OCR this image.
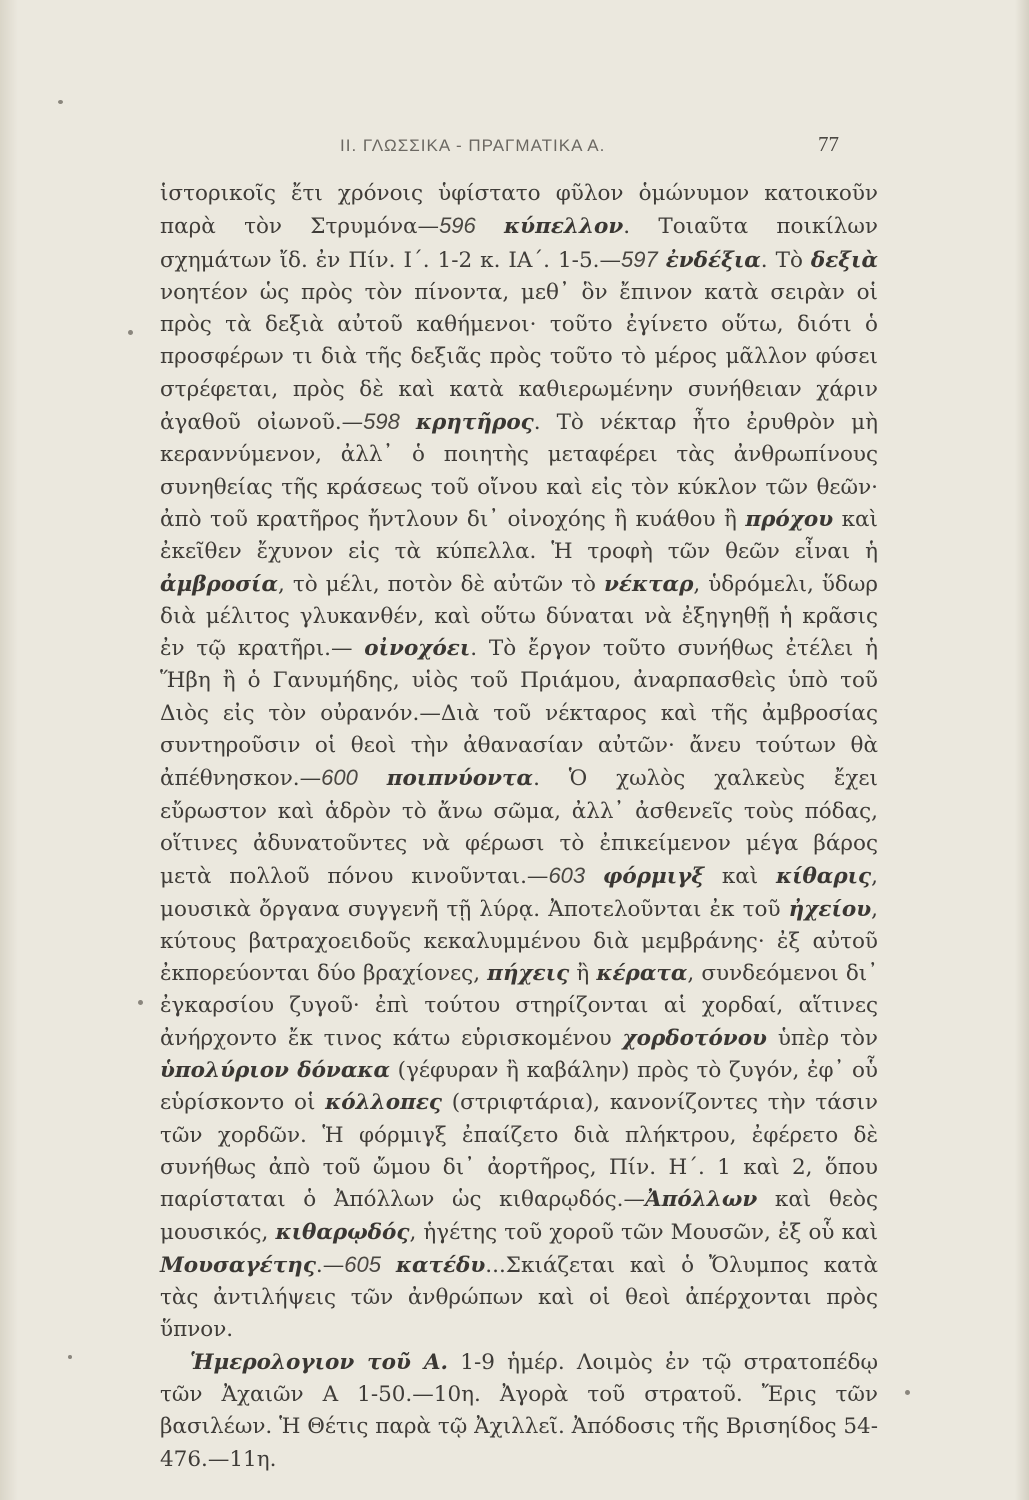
II. ΓΛΩΣΣΙΚΑ - ΠΡΑΓΜΑΤΙΚΑ Α.	77

ἱστορικοῖς ἔτι χρόνοις ὑφίστατο φῦλον ὁμώνυμον κατοικοῦν παρὰ τὸν Στρυμόνα—596 κύπελλον. Τοιαῦτα ποικίλων σχημάτων ἴδ. ἐν Πίν. Ι΄. 1-2 κ. ΙΑ΄. 1-5.—597 ἐνδέξια. Τὸ δεξιὰ νοητέον ὡς πρὸς τὸν πίνοντα, μεθ᾿ ὃν ἔπινον κατὰ σειρὰν οἱ πρὸς τὰ δεξιὰ αὐτοῦ καθήμενοι· τοῦτο ἐγίνετο οὕτω, διότι ὁ προσφέρων τι διὰ τῆς δεξιᾶς πρὸς τοῦτο τὸ μέρος μᾶλλον φύσει στρέφεται, πρὸς δὲ καὶ κατὰ καθιερωμένην συνήθειαν χάριν ἀγαθοῦ οἰωνοῦ.—598 κρητῆρος. Τὸ νέκταρ ἦτο ἐρυθρὸν μὴ κεραννύμενον, ἀλλ᾿ ὁ ποιητὴς μεταφέρει τὰς ἀνθρωπίνους συνηθείας τῆς κράσεως τοῦ οἴνου καὶ εἰς τὸν κύκλον τῶν θεῶν· ἀπὸ τοῦ κρατῆρος ἤντλουν δι᾿ οἰνοχόης ἢ κυάθου ἢ πρόχου καὶ ἐκεῖθεν ἔχυνον εἰς τὰ κύπελλα. Ἡ τροφὴ τῶν θεῶν εἶναι ἡ ἀμβροσία, τὸ μέλι, ποτὸν δὲ αὐτῶν τὸ νέκταρ, ὑδρόμελι, ὕδωρ διὰ μέλιτος γλυκανθέν, καὶ οὕτω δύναται νὰ ἐξηγηθῇ ἡ κρᾶσις ἐν τῷ κρατῆρι.— οἰνοχόει. Τὸ ἔργον τοῦτο συνήθως ἐτέλει ἡ Ἥβη ἢ ὁ Γανυμήδης, υἱὸς τοῦ Πριάμου, ἀναρπασθεὶς ὑπὸ τοῦ Διὸς εἰς τὸν οὐρανόν.—Διὰ τοῦ νέκταρος καὶ τῆς ἀμβροσίας συντηροῦσιν οἱ θεοὶ τὴν ἀθανασίαν αὐτῶν· ἄνευ τούτων θὰ ἀπέθνησκον.—600 ποιπνύοντα. Ὁ χωλὸς χαλκεὺς ἔχει εὔρωστον καὶ ἁδρὸν τὸ ἄνω σῶμα, ἀλλ᾿ ἀσθενεῖς τοὺς πόδας, οἵτινες ἀδυνατοῦντες νὰ φέρωσι τὸ ἐπικείμενον μέγα βάρος μετὰ πολλοῦ πόνου κινοῦνται.—603 φόρμιγξ καὶ κίθαρις, μουσικὰ ὄργανα συγγενῆ τῇ λύρᾳ. Ἀποτελοῦνται ἐκ τοῦ ἠχείου, κύτους βατραχοειδοῦς κεκαλυμμένου διὰ μεμβράνης· ἐξ αὐτοῦ ἐκπορεύονται δύο βραχίονες, πήχεις ἢ κέρατα, συνδεόμενοι δι᾿ ἐγκαρσίου ζυγοῦ· ἐπὶ τούτου στηρίζονται αἱ χορδαί, αἵτινες ἀνήρχοντο ἔκ τινος κάτω εὑρισκομένου χορδοτόνου ὑπὲρ τὸν ὑπολύριον δόνακα (γέφυραν ἢ καβάλην) πρὸς τὸ ζυγόν, ἐφ᾿ οὗ εὑρίσκοντο οἱ κόλλοπες (στριφτάρια), κανονίζοντες τὴν τάσιν τῶν χορδῶν. Ἡ φόρμιγξ ἐπαίζετο διὰ πλήκτρου, ἐφέρετο δὲ συνήθως ἀπὸ τοῦ ὤμου δι᾿ ἀορτῆρος, Πίν. Η΄. 1 καὶ 2, ὅπου παρίσταται ὁ Ἀπόλλων ὡς κιθαρῳδός.—Ἀπόλλων καὶ θεὸς μουσικός, κιθαρῳδός, ἡγέτης τοῦ χοροῦ τῶν Μουσῶν, ἐξ οὗ καὶ Μουσαγέτης.—605 κατέδυ...Σκιάζεται καὶ ὁ Ὄλυμπος κατὰ τὰς ἀντιλήψεις τῶν ἀνθρώπων καὶ οἱ θεοὶ ἀπέρχονται πρὸς ὕπνον.

Ἡμερολογιον τοῦ Α. 1-9 ἡμέρ. Λοιμὸς ἐν τῷ στρατοπέδῳ τῶν Ἀχαιῶν Α 1-50.—10η. Ἀγορὰ τοῦ στρατοῦ. Ἔρις τῶν βασιλέων. Ἡ Θέτις παρὰ τῷ Ἀχιλλεῖ. Ἀπόδοσις τῆς Βρισηίδος 54-476.—11η.
